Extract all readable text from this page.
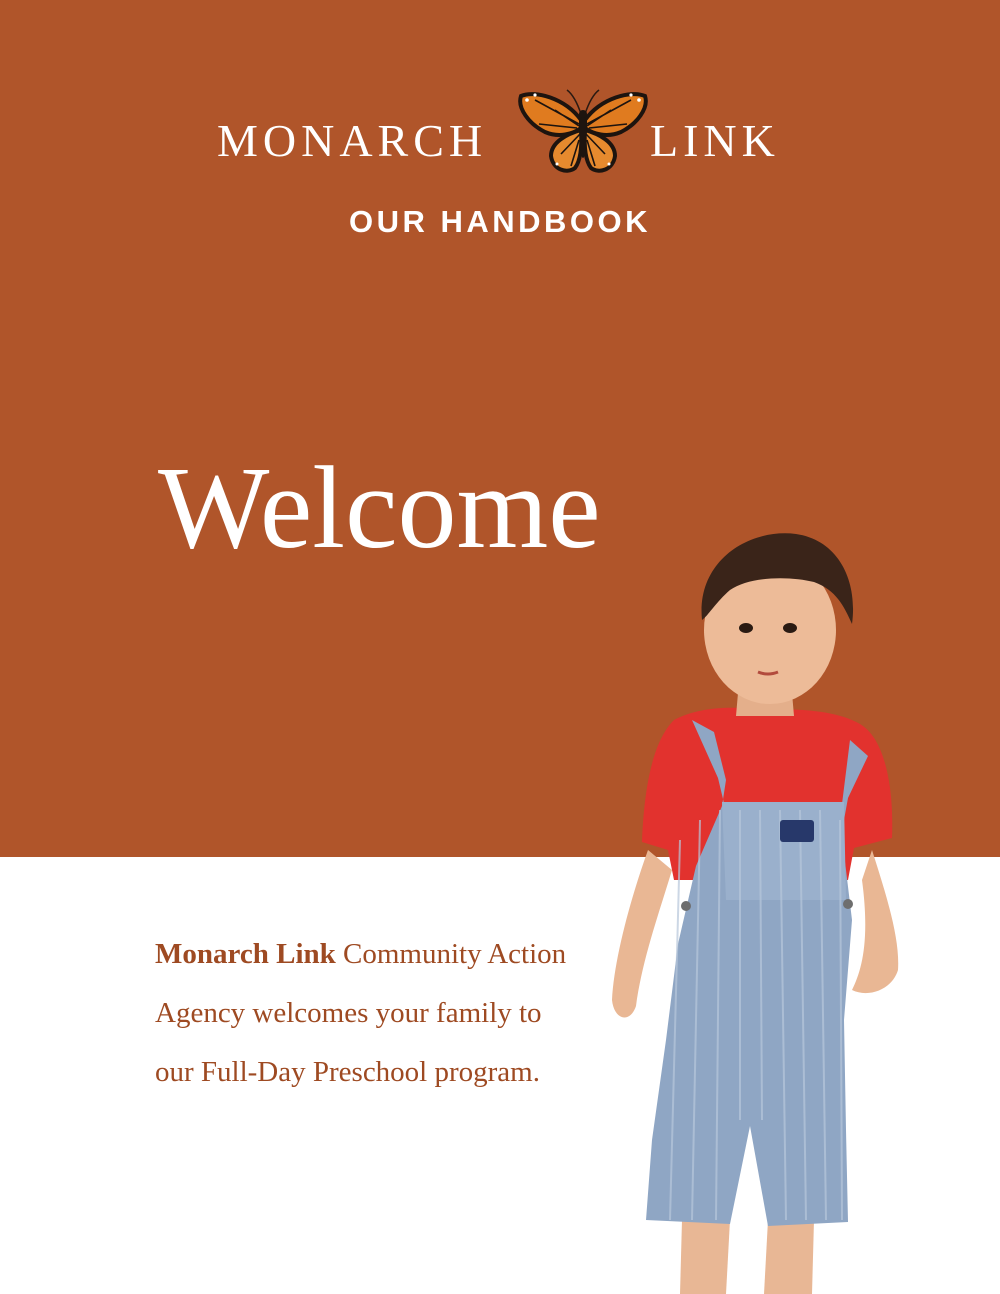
MONARCH	LINK
OUR HANDBOOK
Welcome

Monarch Link Community Action Agency welcomes your family to our Full-Day Preschool program.
